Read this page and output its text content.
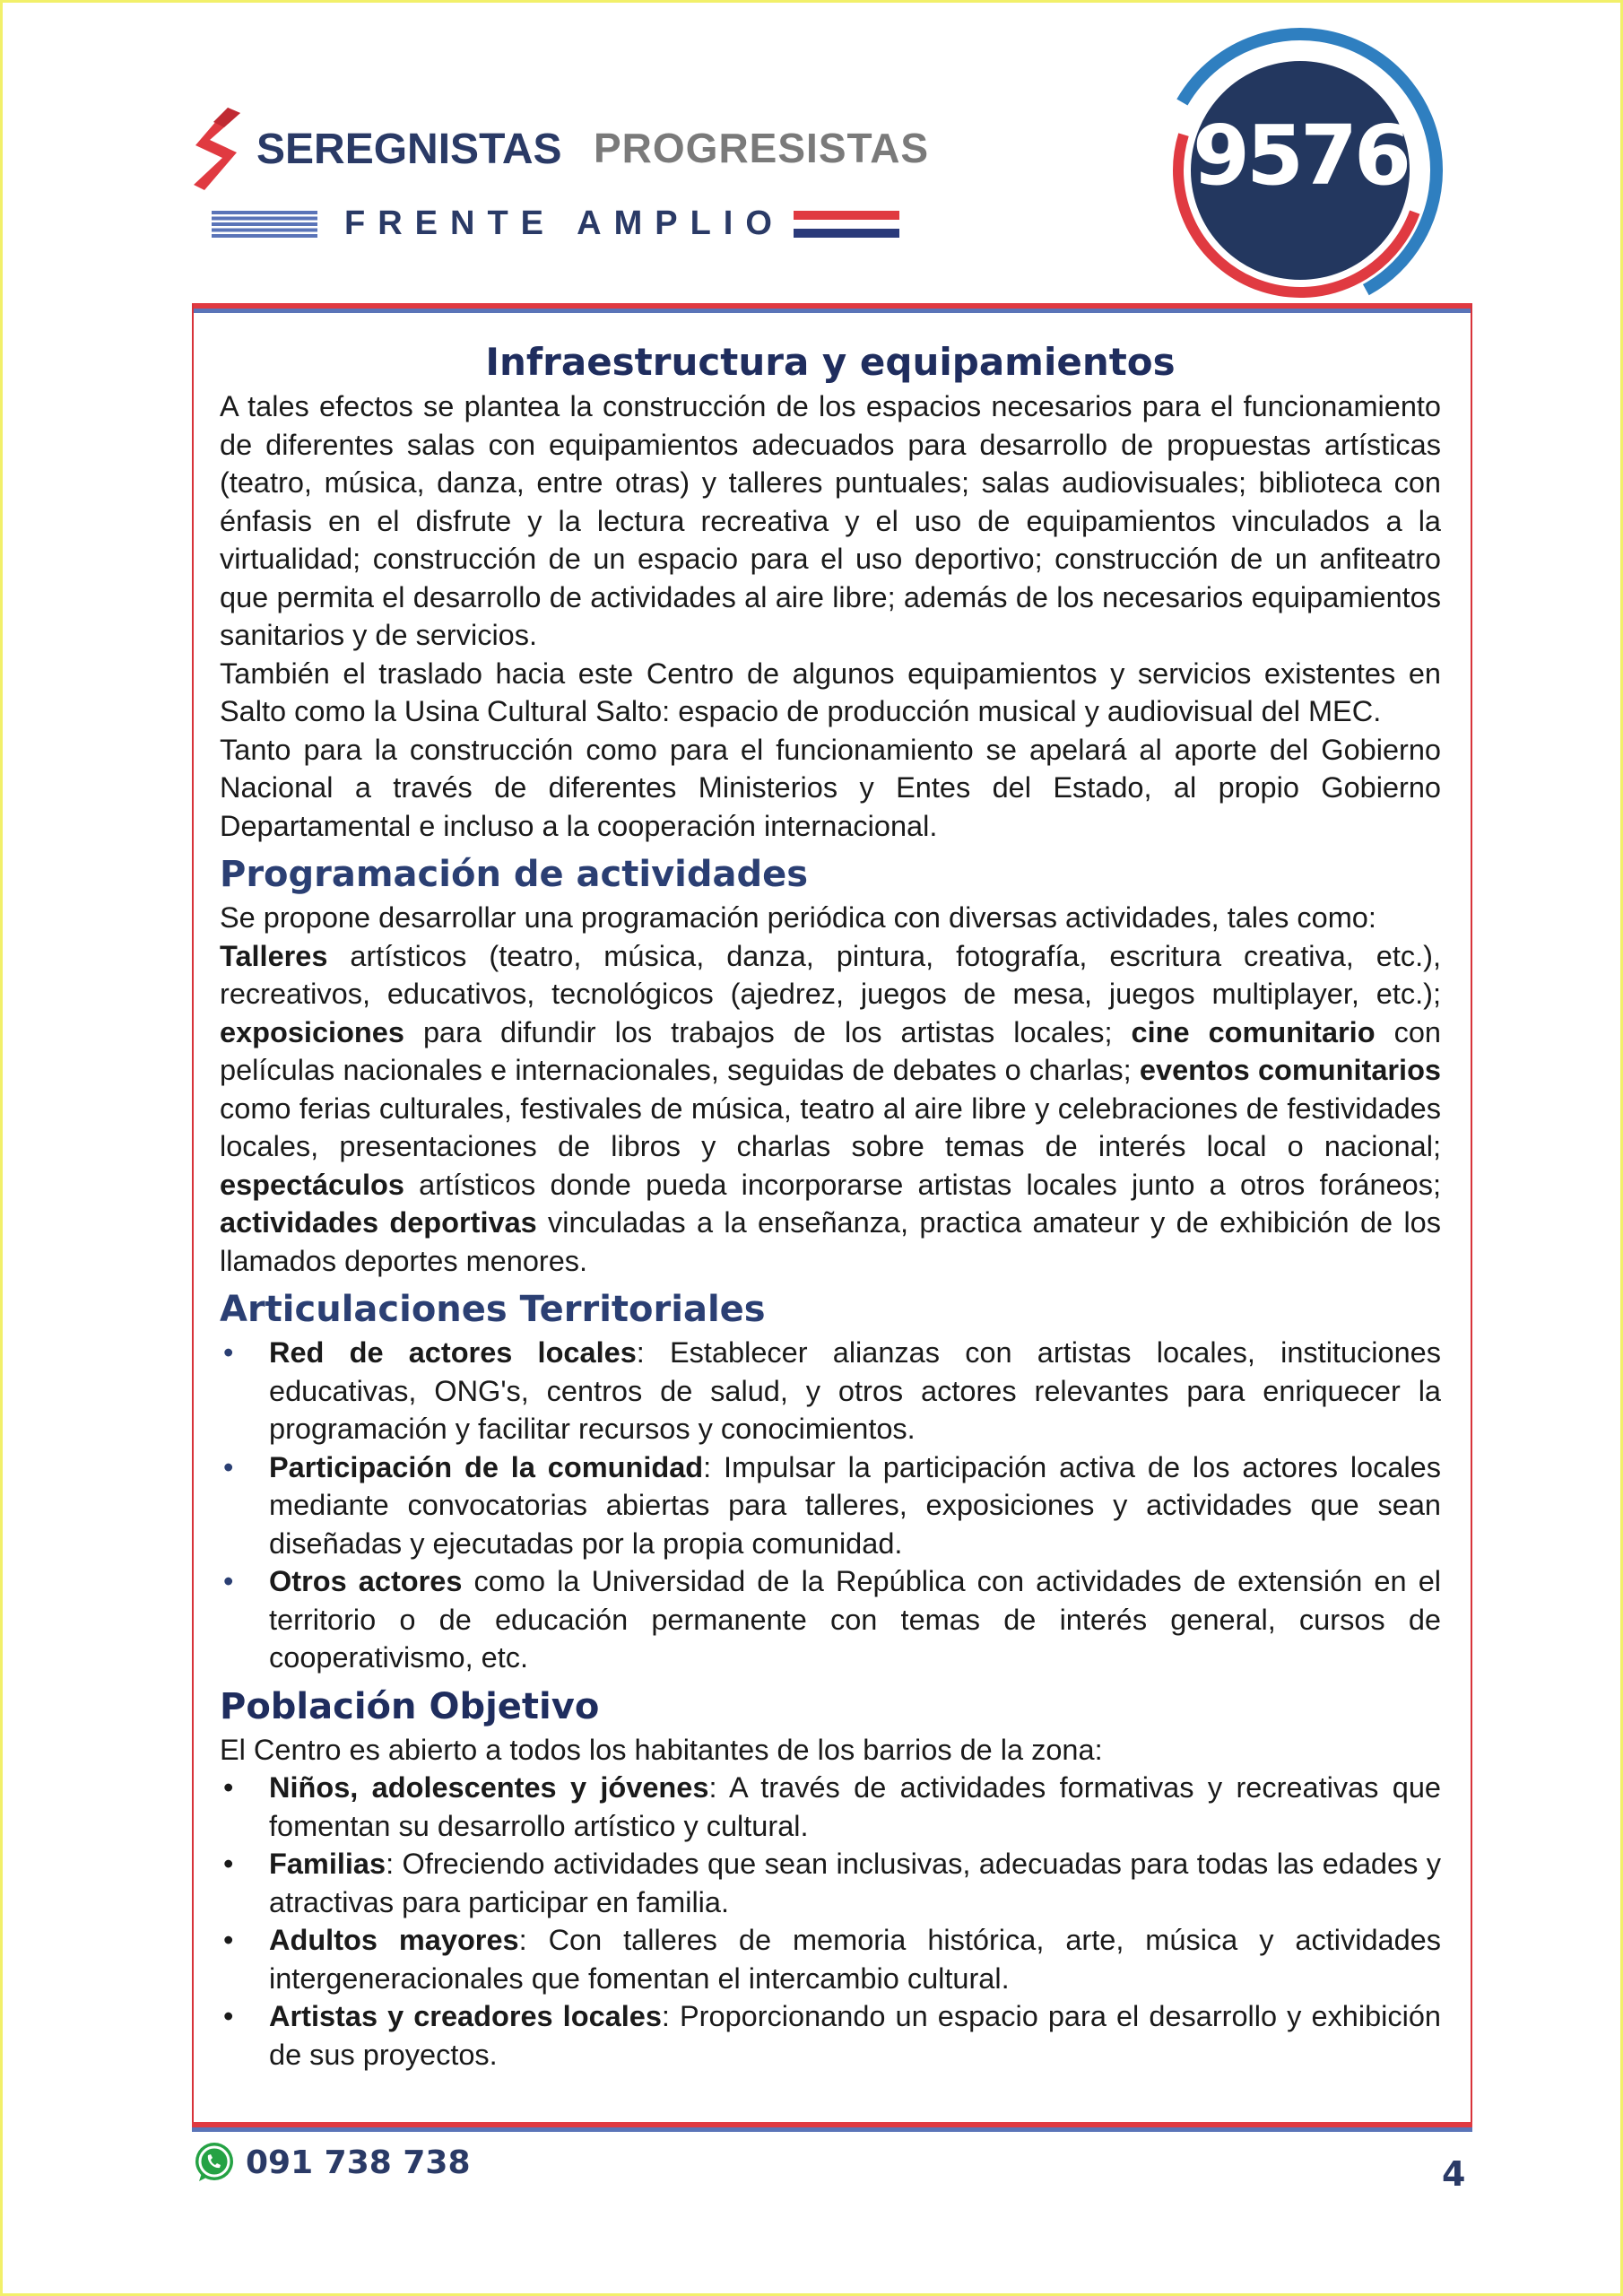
SEREGNISTAS PROGRESISTAS
FRENTE AMPLIO
9576
Infraestructura y equipamientos

A tales efectos se plantea la construcción de los espacios necesarios para el funcionamiento de diferentes salas con equipamientos adecuados para desarrollo de propuestas artísticas (teatro, música, danza, entre otras) y talleres puntuales; salas audiovisuales; biblioteca con énfasis en el disfrute y la lectura recreativa y el uso de equipamientos vinculados a la virtualidad; construcción de un espacio para el uso deportivo; construcción de un anfiteatro que permita el desarrollo de actividades al aire libre; además de los necesarios equipamientos sanitarios y de servicios.

También el traslado hacia este Centro de algunos equipamientos y servicios existentes en Salto como la Usina Cultural Salto: espacio de producción musical y audiovisual del MEC.

Tanto para la construcción como para el funcionamiento se apelará al aporte del Gobierno Nacional a través de diferentes Ministerios y Entes del Estado, al propio Gobierno Departamental e incluso a la cooperación internacional.

Programación de actividades

Se propone desarrollar una programación periódica con diversas actividades, tales como:

Talleres artísticos (teatro, música, danza, pintura, fotografía, escritura creativa, etc.), recreativos, educativos, tecnológicos (ajedrez, juegos de mesa, juegos multiplayer, etc.); exposiciones para difundir los trabajos de los artistas locales; cine comunitario con películas nacionales e internacionales, seguidas de debates o charlas; eventos comunitarios como ferias culturales, festivales de música, teatro al aire libre y celebraciones de festividades locales, presentaciones de libros y charlas sobre temas de interés local o nacional; espectáculos artísticos donde pueda incorporarse artistas locales junto a otros foráneos; actividades deportivas vinculadas a la enseñanza, practica amateur y de exhibición de los llamados deportes menores.

Articulaciones Territoriales
• Red de actores locales: Establecer alianzas con artistas locales, instituciones educativas, ONG's, centros de salud, y otros actores relevantes para enriquecer la programación y facilitar recursos y conocimientos.
• Participación de la comunidad: Impulsar la participación activa de los actores locales mediante convocatorias abiertas para talleres, exposiciones y actividades que sean diseñadas y ejecutadas por la propia comunidad.
• Otros actores como la Universidad de la República con actividades de extensión en el territorio o de educación permanente con temas de interés general, cursos de cooperativismo, etc.
Población Objetivo

El Centro es abierto a todos los habitantes de los barrios de la zona:

• Niños, adolescentes y jóvenes: A través de actividades formativas y recreativas que fomentan su desarrollo artístico y cultural.
• Familias: Ofreciendo actividades que sean inclusivas, adecuadas para todas las edades y atractivas para participar en familia.
• Adultos mayores: Con talleres de memoria histórica, arte, música y actividades intergeneracionales que fomentan el intercambio cultural.
• Artistas y creadores locales: Proporcionando un espacio para el desarrollo y exhibición de sus proyectos.
091 738 738	4
